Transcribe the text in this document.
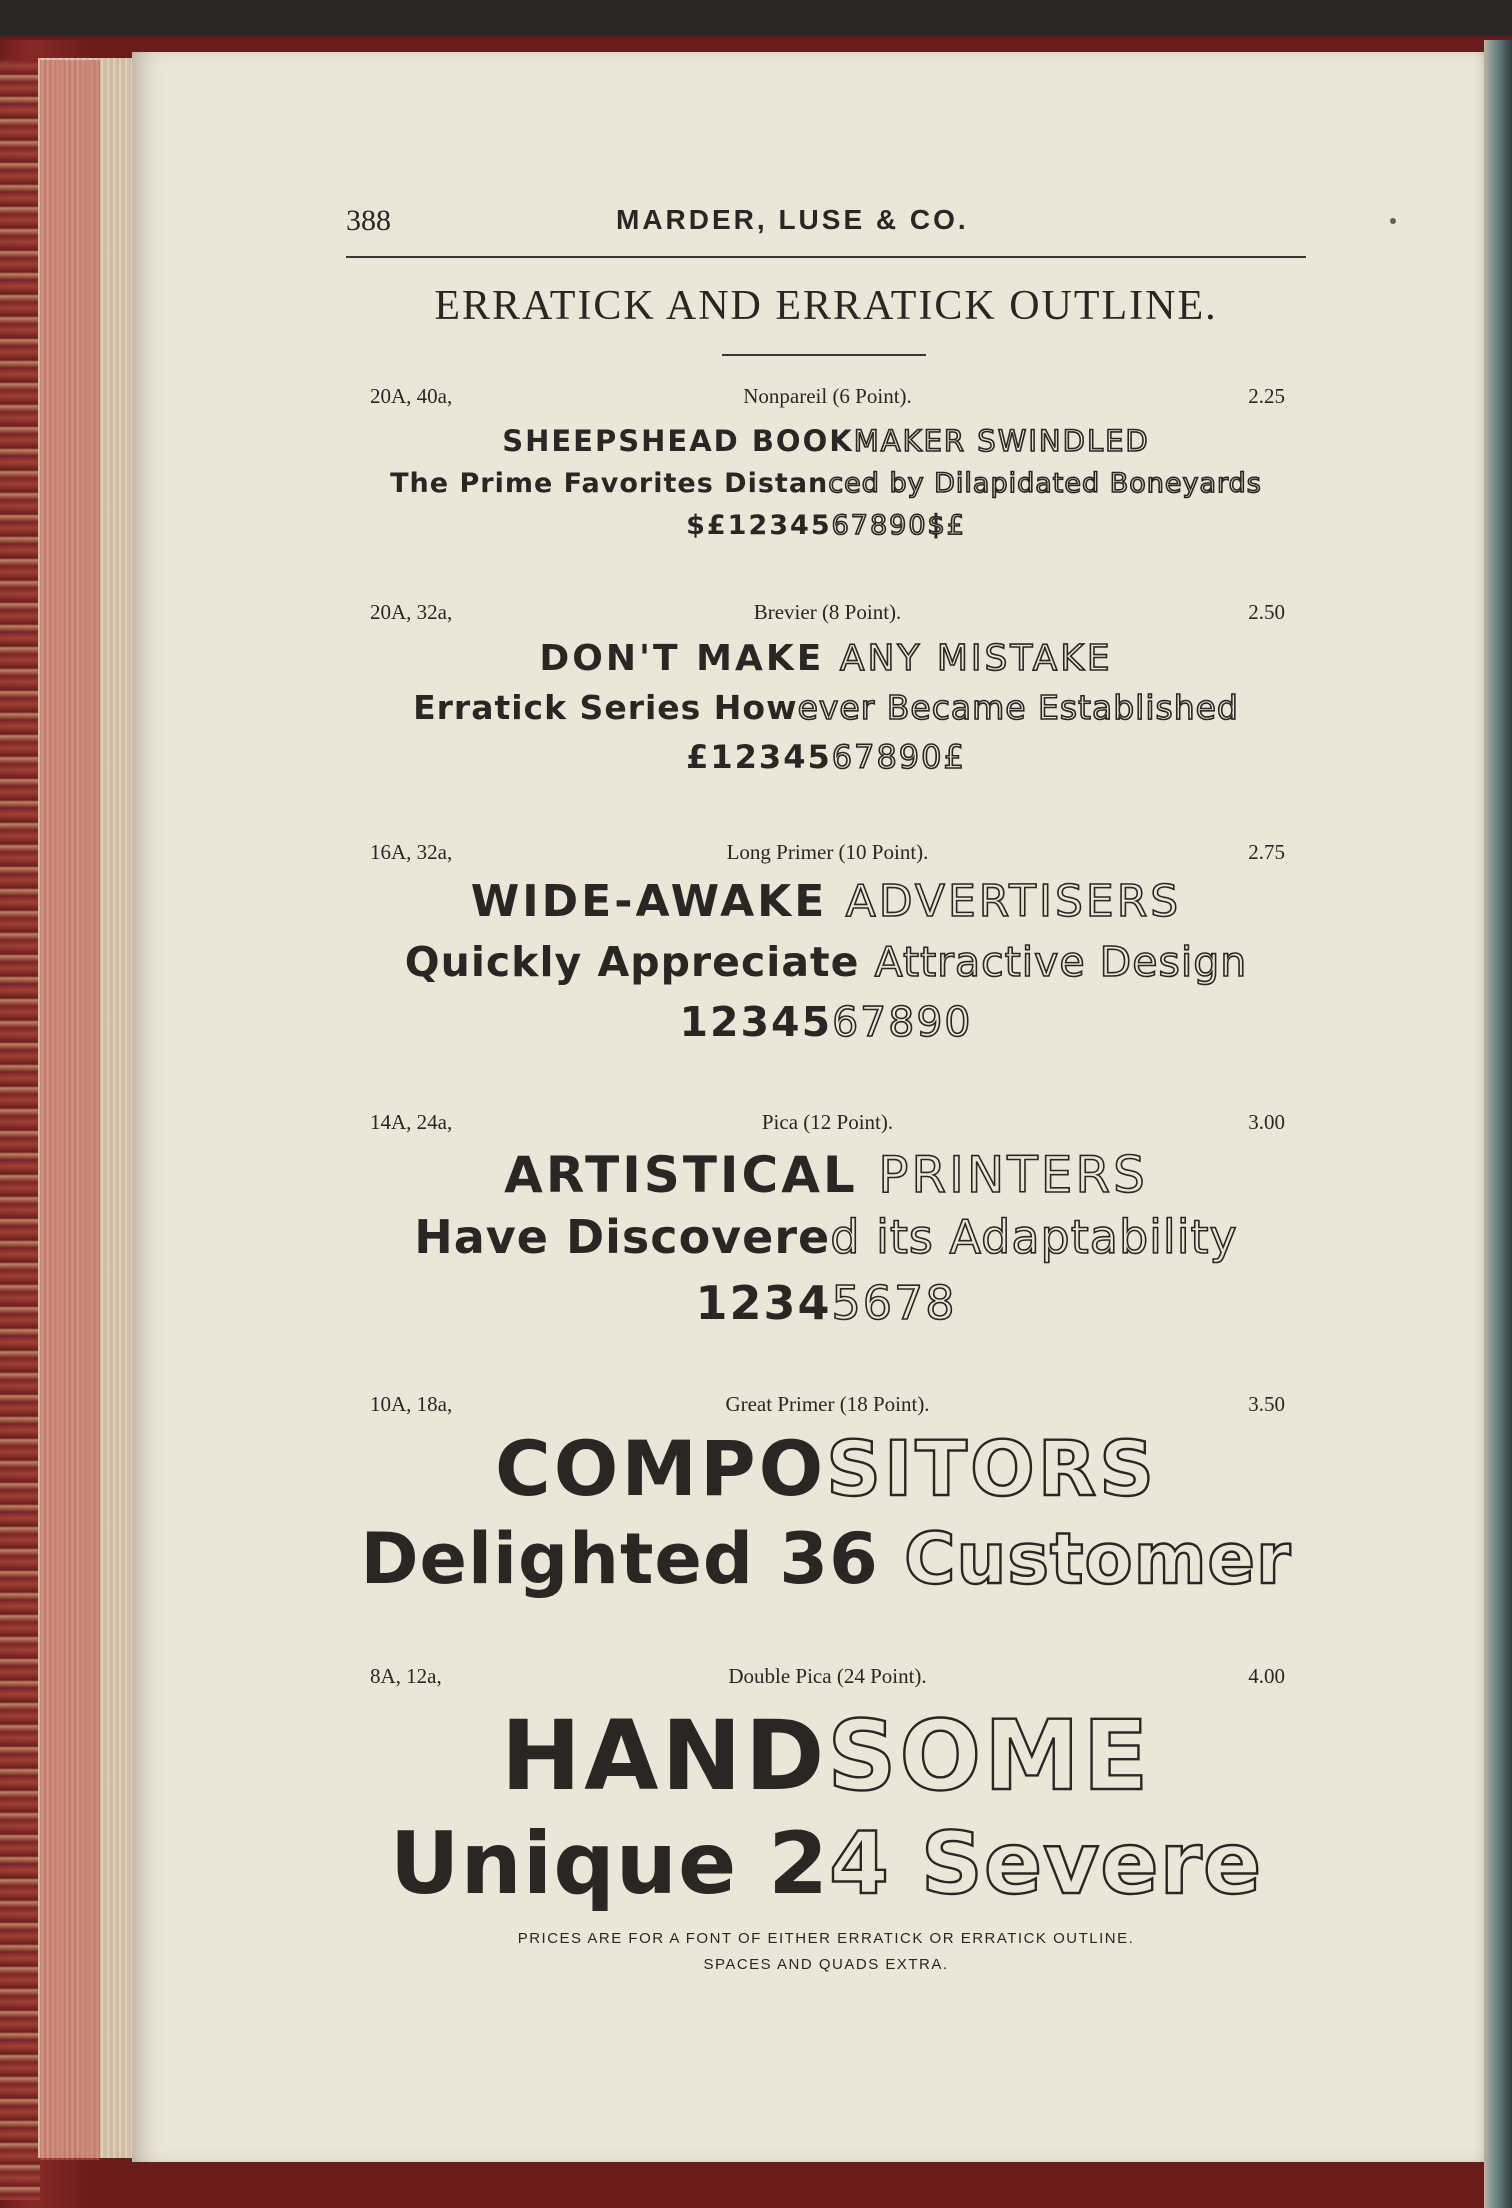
388	MARDER, LUSE & CO.
ERRATICK AND ERRATICK OUTLINE.
20A, 40a,	Nonpareil (6 Point).	2.25
SHEEPSHEAD BOOKMAKER SWINDLED
The Prime Favorites Distanced by Dilapidated Boneyards
$£1234567890$£
20A, 32a,	Brevier (8 Point).	2.50
DON'T MAKE ANY MISTAKE
Erratick Series However Became Established
£1234567890£
16A, 32a,	Long Primer (10 Point).	2.75
WIDE-AWAKE ADVERTISERS
Quickly Appreciate Attractive Design
1234567890
14A, 24a,	Pica (12 Point).	3.00
ARTISTICAL PRINTERS
Have Discovered its Adaptability
12345678
10A, 18a,	Great Primer (18 Point).	3.50
COMPOSITORS
Delighted 36 Customer
8A, 12a,	Double Pica (24 Point).	4.00
HANDSOME
Unique 24 Severe
PRICES ARE FOR A FONT OF EITHER ERRATICK OR ERRATICK OUTLINE.
SPACES AND QUADS EXTRA.
